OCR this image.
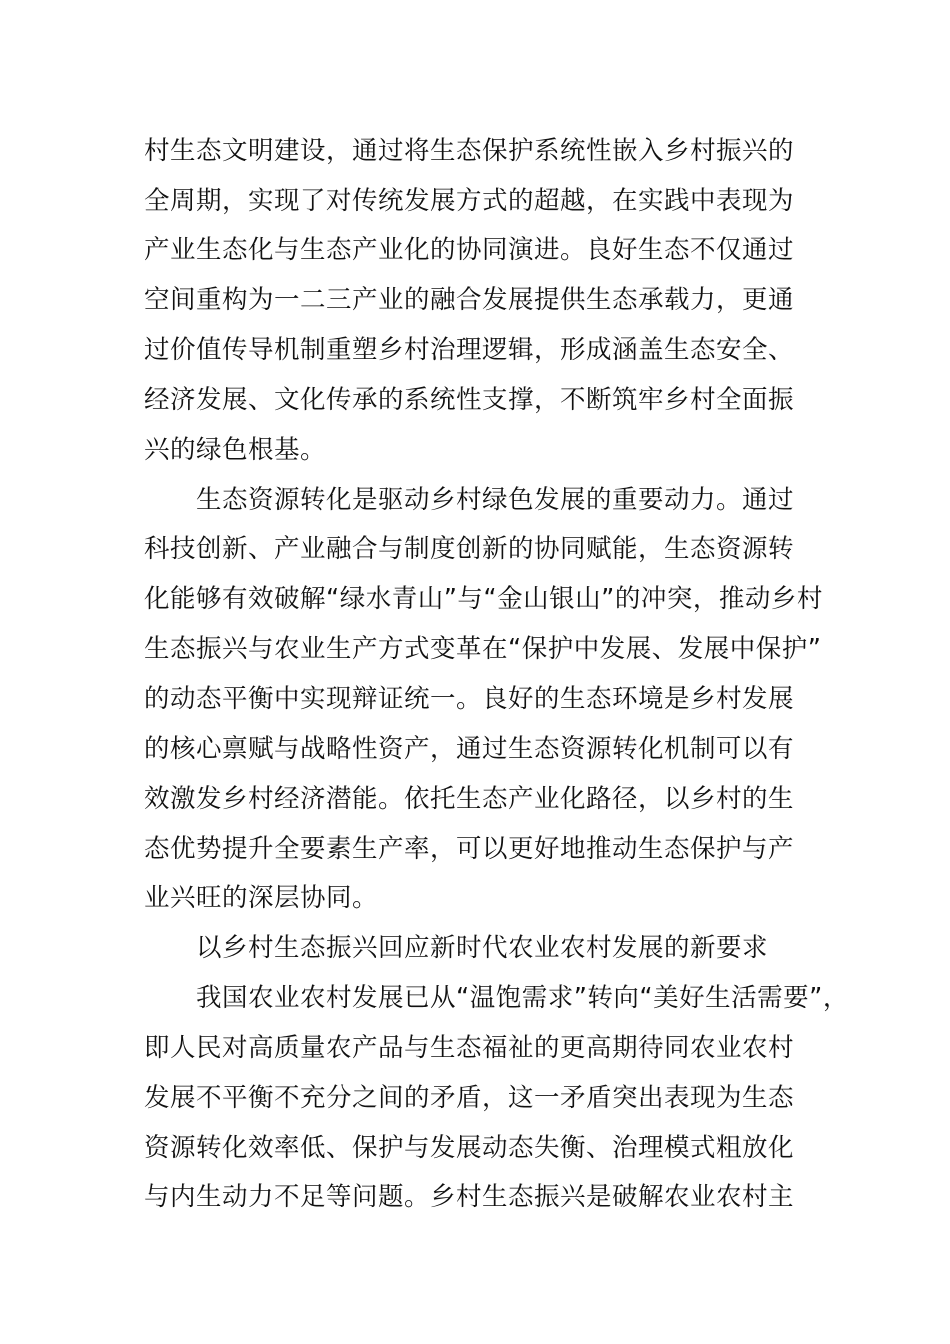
村生态文明建设，通过将生态保护系统性嵌入乡村振兴的
全周期，实现了对传统发展方式的超越，在实践中表现为
产业生态化与生态产业化的协同演进。良好生态不仅通过
空间重构为一二三产业的融合发展提供生态承载力，更通
过价值传导机制重塑乡村治理逻辑，形成涵盖生态安全、
经济发展、文化传承的系统性支撑，不断筑牢乡村全面振
兴的绿色根基。
生态资源转化是驱动乡村绿色发展的重要动力。通过
科技创新、产业融合与制度创新的协同赋能，生态资源转
化能够有效破解“绿水青山”与“金山银山”的冲突，推动乡村
生态振兴与农业生产方式变革在“保护中发展、发展中保护”
的动态平衡中实现辩证统一。良好的生态环境是乡村发展
的核心禀赋与战略性资产，通过生态资源转化机制可以有
效激发乡村经济潜能。依托生态产业化路径，以乡村的生
态优势提升全要素生产率，可以更好地推动生态保护与产
业兴旺的深层协同。
以乡村生态振兴回应新时代农业农村发展的新要求
我国农业农村发展已从“温饱需求”转向“美好生活需要”，
即人民对高质量农产品与生态福祉的更高期待同农业农村
发展不平衡不充分之间的矛盾，这一矛盾突出表现为生态
资源转化效率低、保护与发展动态失衡、治理模式粗放化
与内生动力不足等问题。乡村生态振兴是破解农业农村主
